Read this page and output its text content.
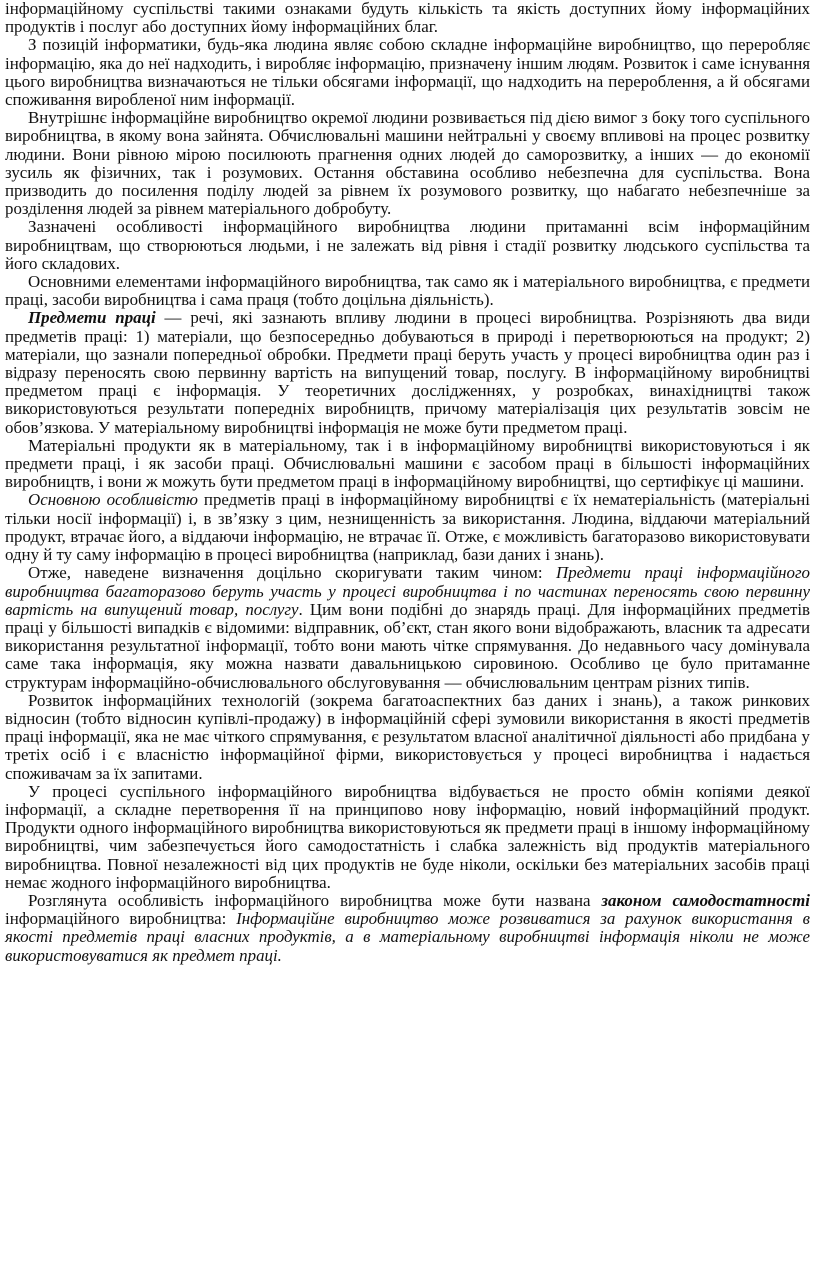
інформаційному суспільстві такими ознаками будуть кількість та якість доступних йому інформаційних продуктів і послуг або доступних йому інформаційних благ.

З позицій інформатики, будь-яка людина являє собою складне інформаційне виробництво, що переробляє інформацію, яка до неї надходить, і виробляє інформацію, призначену іншим людям. Розвиток і саме існування цього виробництва визначаються не тільки обсягами інформації, що надходить на перероблення, а й обсягами споживання виробленої ним інформації.

Внутрішнє інформаційне виробництво окремої людини розвивається під дією вимог з боку того суспільного виробництва, в якому вона зайнята. Обчислювальні машини нейтральні у своєму впливові на процес розвитку людини. Вони рівною мірою посилюють прагнення одних людей до саморозвитку, а інших — до економії зусиль як фізичних, так і розумових. Остання обставина особливо небезпечна для суспільства. Вона призводить до посилення поділу людей за рівнем їх розумового розвитку, що набагато небезпечніше за розділення людей за рівнем матеріального добробуту.

Зазначені особливості інформаційного виробництва людини притаманні всім інформаційним виробництвам, що створюються людьми, і не залежать від рівня і стадії розвитку людського суспільства та його складових.

Основними елементами інформаційного виробництва, так само як і матеріального виробництва, є предмети праці, засоби виробництва і сама праця (тобто доцільна діяльність).

Предмети праці — речі, які зазнають впливу людини в процесі виробництва. Розрізняють два види предметів праці: 1) матеріали, що безпосередньо добуваються в природі і перетворюються на продукт; 2) матеріали, що зазнали попередньої обробки. Предмети праці беруть участь у процесі виробництва один раз і відразу переносять свою первинну вартість на випущений товар, послугу. В інформаційному виробництві предметом праці є інформація. У теоретичних дослідженнях, у розробках, винахідництві також використовуються результати попередніх виробництв, причому матеріалізація цих результатів зовсім не обов’язкова. У матеріальному виробництві інформація не може бути предметом праці.

Матеріальні продукти як в матеріальному, так і в інформаційному виробництві використовуються і як предмети праці, і як засоби праці. Обчислювальні машини є засобом праці в більшості інформаційних виробництв, і вони ж можуть бути предметом праці в інформаційному виробництві, що сертифікує ці машини.

Основною особливістю предметів праці в інформаційному виробництві є їх нематеріальність (матеріальні тільки носії інформації) і, в зв’язку з цим, незнищенність за використання. Людина, віддаючи матеріальний продукт, втрачає його, а віддаючи інформацію, не втрачає її. Отже, є можливість багаторазово використовувати одну й ту саму інформацію в процесі виробництва (наприклад, бази даних і знань).

Отже, наведене визначення доцільно скоригувати таким чином: Предмети праці інформаційного виробництва багаторазово беруть участь у процесі виробництва і по частинах переносять свою первинну вартість на випущений товар, послугу. Цим вони подібні до знарядь праці. Для інформаційних предметів праці у більшості випадків є відомими: відправник, об’єкт, стан якого вони відображають, власник та адресати використання результатної інформації, тобто вони мають чітке спрямування. До недавнього часу домінувала саме така інформація, яку можна назвати давальницькою сировиною. Особливо це було притаманне структурам інформаційно-обчислювального обслуговування — обчислювальним центрам різних типів.

Розвиток інформаційних технологій (зокрема багатоаспектних баз даних і знань), а також ринкових відносин (тобто відносин купівлі-продажу) в інформаційній сфері зумовили використання в якості предметів праці інформації, яка не має чіткого спрямування, є результатом власної аналітичної діяльності або придбана у третіх осіб і є власністю інформаційної фірми, використовується у процесі виробництва і надається споживачам за їх запитами.

У процесі суспільного інформаційного виробництва відбувається не просто обмін копіями деякої інформації, а складне перетворення її на принципово нову інформацію, новий інформаційний продукт. Продукти одного інформаційного виробництва використовуються як предмети праці в іншому інформаційному виробництві, чим забезпечується його самодостатність і слабка залежність від продуктів матеріального виробництва. Повної незалежності від цих продуктів не буде ніколи, оскільки без матеріальних засобів праці немає жодного інформаційного виробництва.

Розглянута особливість інформаційного виробництва може бути названа законом самодостатності інформаційного виробництва: Інформаційне виробництво може розвиватися за рахунок використання в якості предметів праці власних продуктів, а в матеріальному виробництві інформація ніколи не може використовуватися як предмет праці.
